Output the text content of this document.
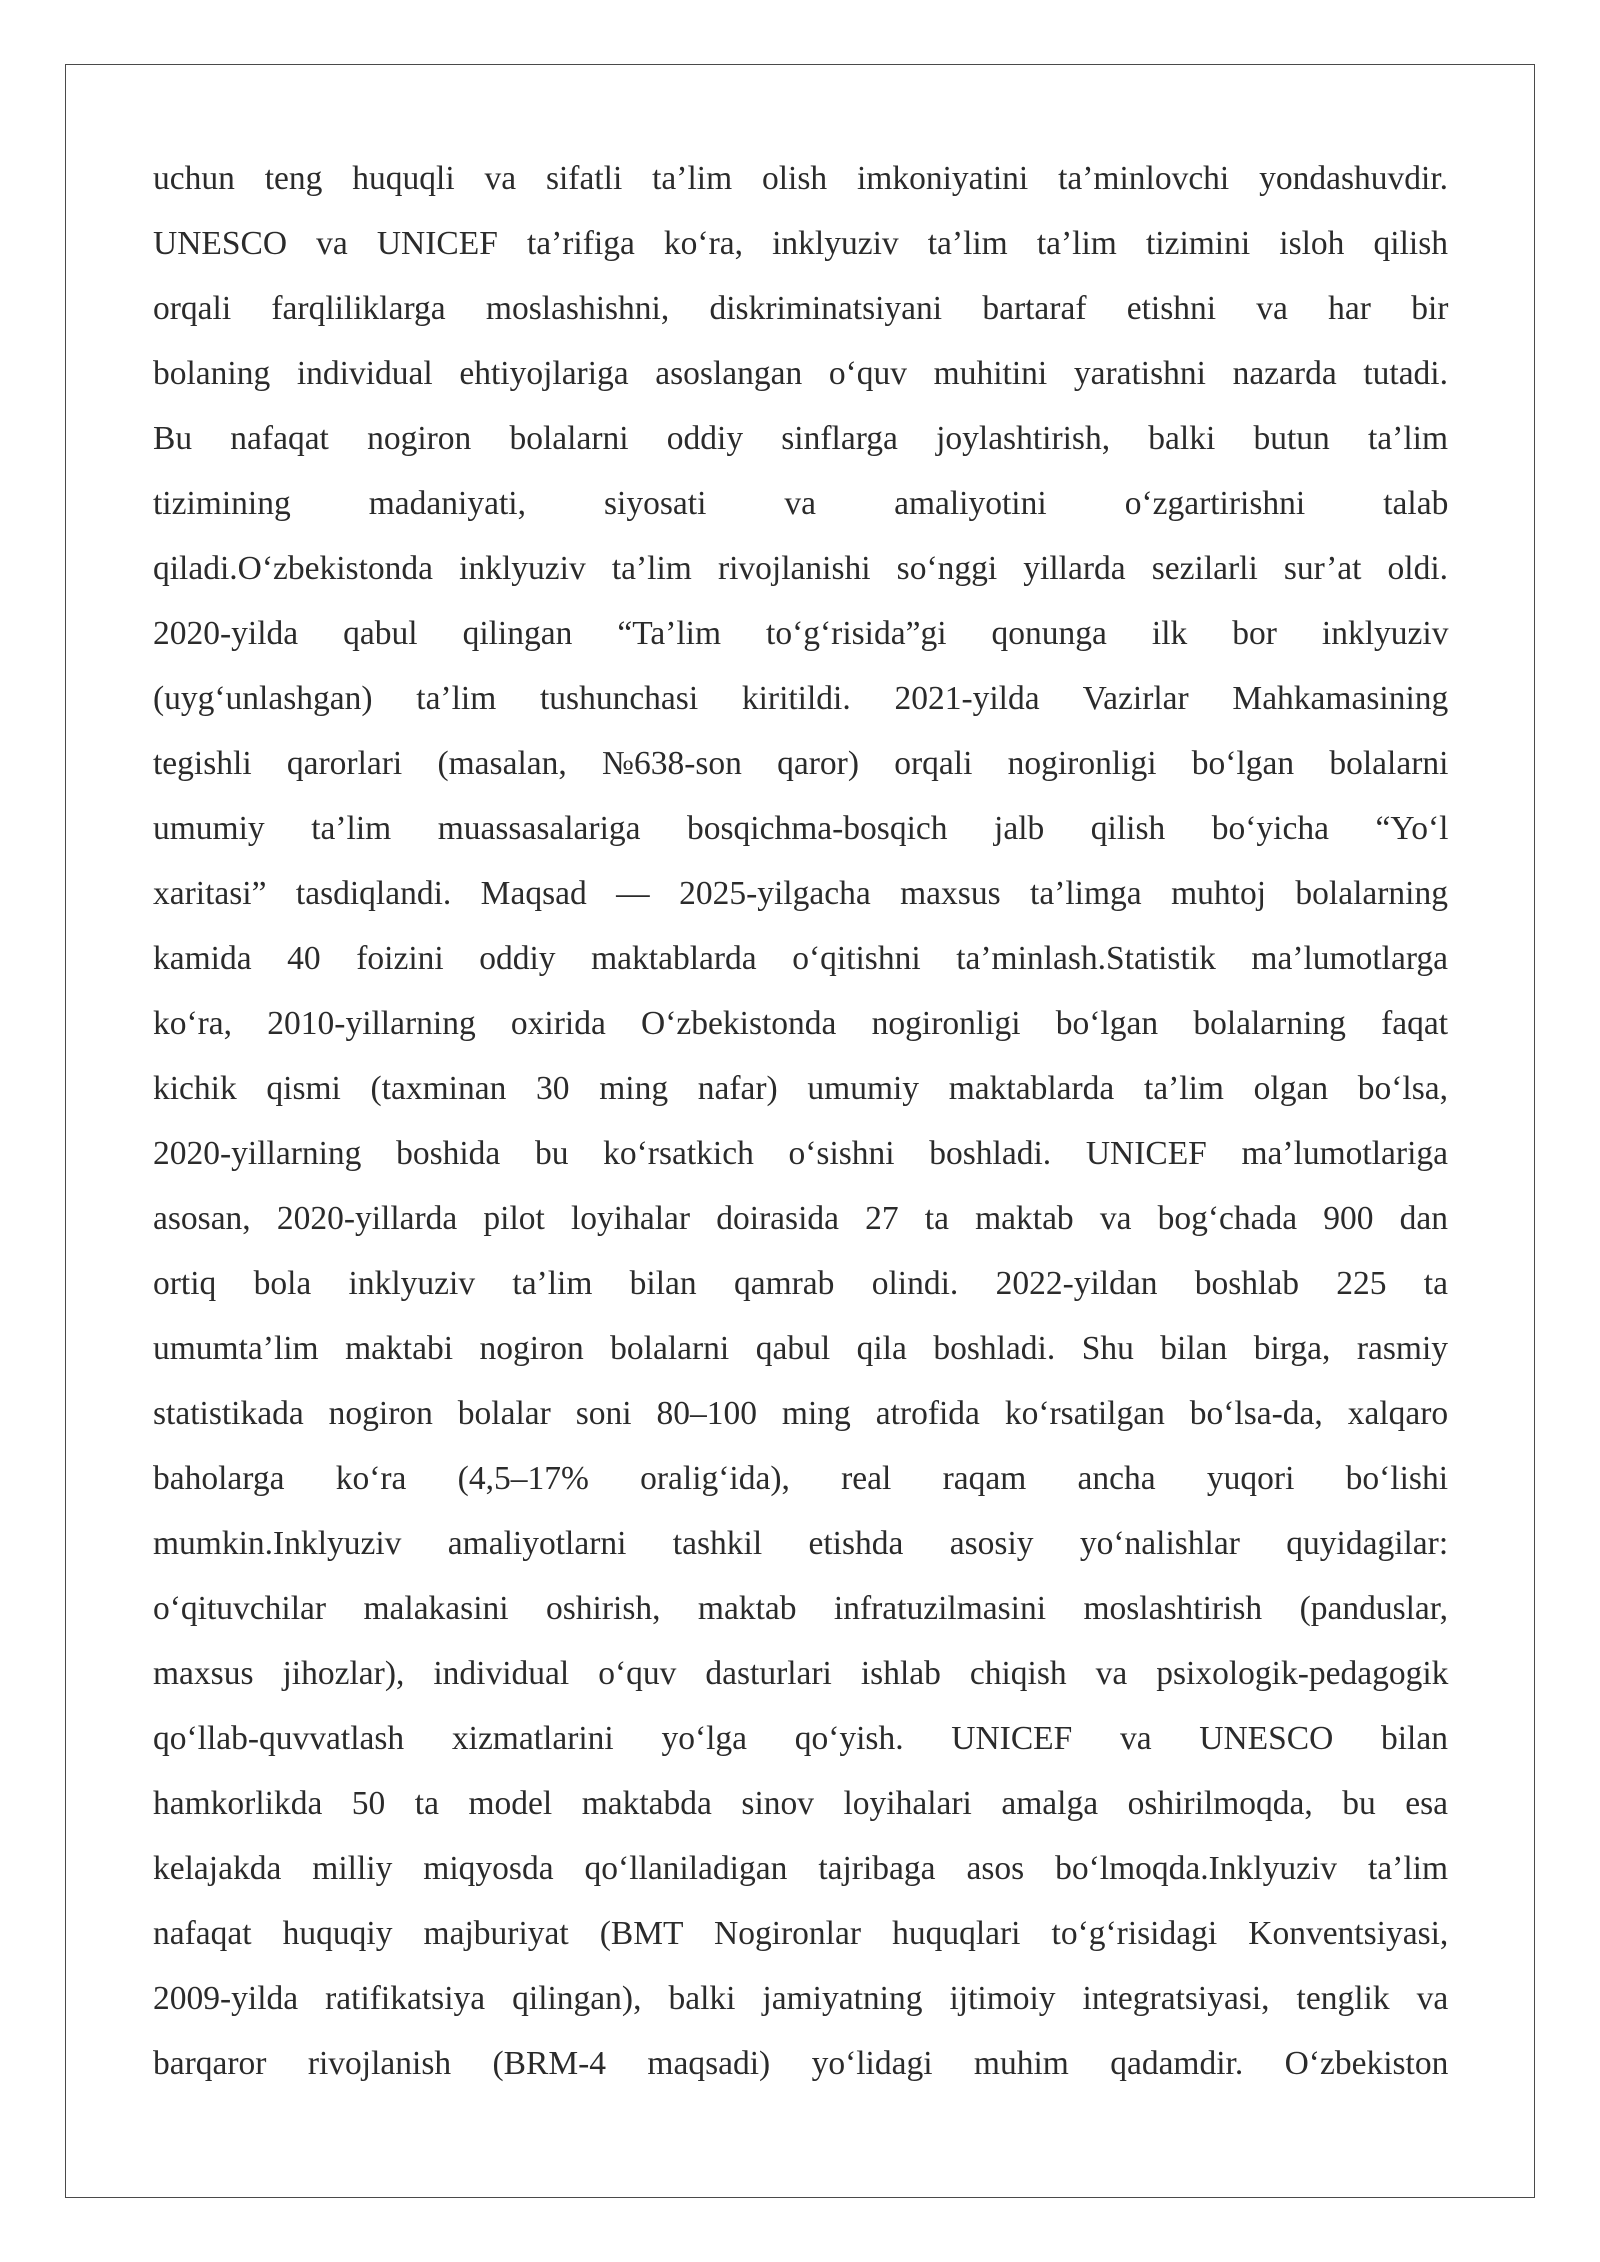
uchun teng huquqli va sifatli ta’lim olish imkoniyatini ta’minlovchi yondashuvdir.
UNESCO va UNICEF ta’rifiga ko‘ra, inklyuziv ta’lim ta’lim tizimini isloh qilish
orqali farqliliklarga moslashishni, diskriminatsiyani bartaraf etishni va har bir
bolaning individual ehtiyojlariga asoslangan o‘quv muhitini yaratishni nazarda tutadi.
Bu nafaqat nogiron bolalarni oddiy sinflarga joylashtirish, balki butun ta’lim
tizimining madaniyati, siyosati va amaliyotini o‘zgartirishni talab
qiladi.O‘zbekistonda inklyuziv ta’lim rivojlanishi so‘nggi yillarda sezilarli sur’at oldi.
2020-yilda qabul qilingan “Ta’lim to‘g‘risida”gi qonunga ilk bor inklyuziv
(uyg‘unlashgan) ta’lim tushunchasi kiritildi. 2021-yilda Vazirlar Mahkamasining
tegishli qarorlari (masalan, №638-son qaror) orqali nogironligi bo‘lgan bolalarni
umumiy ta’lim muassasalariga bosqichma-bosqich jalb qilish bo‘yicha “Yo‘l
xaritasi” tasdiqlandi. Maqsad — 2025-yilgacha maxsus ta’limga muhtoj bolalarning
kamida 40 foizini oddiy maktablarda o‘qitishni ta’minlash.Statistik ma’lumotlarga
ko‘ra, 2010-yillarning oxirida O‘zbekistonda nogironligi bo‘lgan bolalarning faqat
kichik qismi (taxminan 30 ming nafar) umumiy maktablarda ta’lim olgan bo‘lsa,
2020-yillarning boshida bu ko‘rsatkich o‘sishni boshladi. UNICEF ma’lumotlariga
asosan, 2020-yillarda pilot loyihalar doirasida 27 ta maktab va bog‘chada 900 dan
ortiq bola inklyuziv ta’lim bilan qamrab olindi. 2022-yildan boshlab 225 ta
umumta’lim maktabi nogiron bolalarni qabul qila boshladi. Shu bilan birga, rasmiy
statistikada nogiron bolalar soni 80–100 ming atrofida ko‘rsatilgan bo‘lsa-da, xalqaro
baholarga ko‘ra (4,5–17% oralig‘ida), real raqam ancha yuqori bo‘lishi
mumkin.Inklyuziv amaliyotlarni tashkil etishda asosiy yo‘nalishlar quyidagilar:
o‘qituvchilar malakasini oshirish, maktab infratuzilmasini moslashtirish (panduslar,
maxsus jihozlar), individual o‘quv dasturlari ishlab chiqish va psixologik-pedagogik
qo‘llab-quvvatlash xizmatlarini yo‘lga qo‘yish. UNICEF va UNESCO bilan
hamkorlikda 50 ta model maktabda sinov loyihalari amalga oshirilmoqda, bu esa
kelajakda milliy miqyosda qo‘llaniladigan tajribaga asos bo‘lmoqda.Inklyuziv ta’lim
nafaqat huquqiy majburiyat (BMT Nogironlar huquqlari to‘g‘risidagi Konventsiyasi,
2009-yilda ratifikatsiya qilingan), balki jamiyatning ijtimoiy integratsiyasi, tenglik va
barqaror rivojlanish (BRM-4 maqsadi) yo‘lidagi muhim qadamdir. O‘zbekiston
